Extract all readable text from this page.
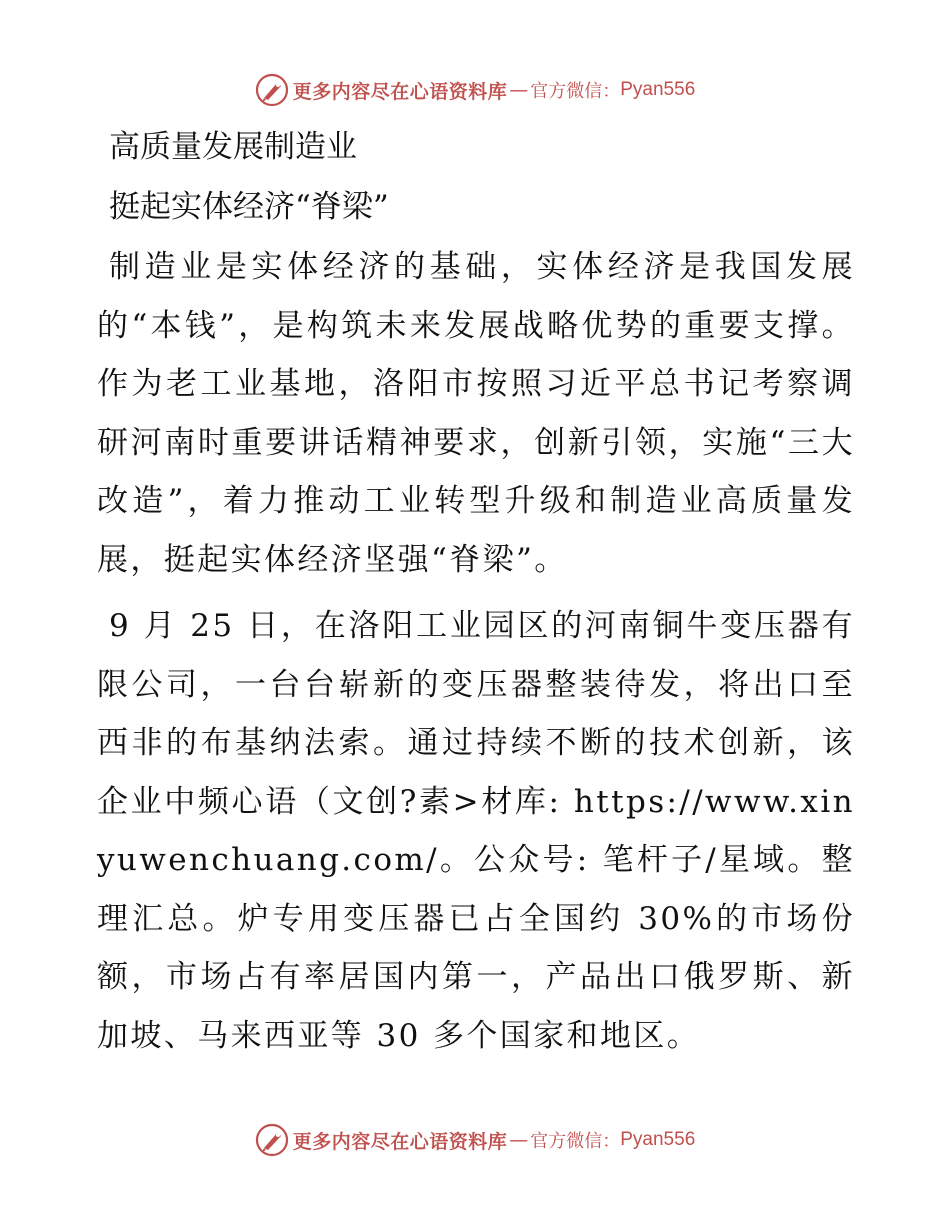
更多内容尽在心语资料库 — 官方微信： Pyan556

高质量发展制造业

挺起实体经济“脊梁”

制造业是实体经济的基础，实体经济是我国发展的“本钱”，是构筑未来发展战略优势的重要支撑。作为老工业基地，洛阳市按照习近平总书记考察调研河南时重要讲话精神要求，创新引领，实施“三大改造”，着力推动工业转型升级和制造业高质量发展，挺起实体经济坚强“脊梁”。

9 月 25 日，在洛阳工业园区的河南铜牛变压器有限公司，一台台崭新的变压器整装待发，将出口至西非的布基纳法索。通过持续不断的技术创新，该企业中频心语（文创?素>材库: https://www.xinyuwenchuang.com/。公众号: 笔杆子/星域。整理汇总。炉专用变压器已占全国约 30%的市场份额，市场占有率居国内第一，产品出口俄罗斯、新加坡、马来西亚等 30 多个国家和地区。

更多内容尽在心语资料库 — 官方微信： Pyan556
